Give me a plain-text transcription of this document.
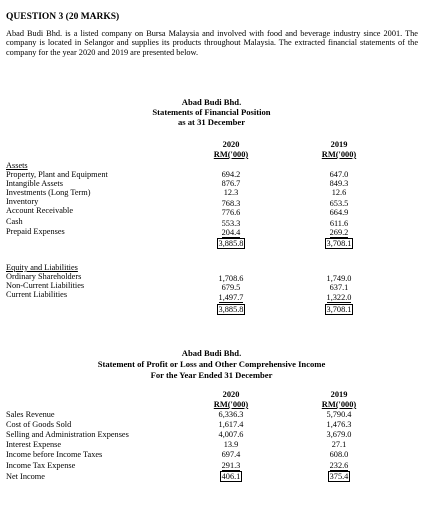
QUESTION 3 (20 MARKS)
Abad Budi Bhd. is a listed company on Bursa Malaysia and involved with food and beverage industry since 2001. The company is located in Selangor and supplies its products throughout Malaysia. The extracted financial statements of the company for the year 2020 and 2019 are presented below.
Abad Budi Bhd.
Statements of Financial Position
as at 31 December
2020
RM('000)
2019
RM('000)
Assets
Property, Plant and Equipment	694.2	647.0
Intangible Assets	876.7	849.3
Investments (Long Term)	12.3	12.6
Inventory	768.3	653.5
Account Receivable	776.6	664.9
Cash	553.3	611.6
Prepaid Expenses	204.4	269.2
3,885.8	3,708.1
Equity and Liabilities
Ordinary Shareholders	1,708.6	1,749.0
Non-Current Liabilities	679.5	637.1
Current Liabilities	1,497.7	1,322.0
3,885.8	3,708.1
Abad Budi Bhd.
Statement of Profit or Loss and Other Comprehensive Income
For the Year Ended 31 December
2020
RM('000)
2019
RM('000)
Sales Revenue	6,336.3	5,790.4
Cost of Goods Sold	1,617.4	1,476.3
Selling and Administration Expenses	4,007.6	3,679.0
Interest Expense	13.9	27.1
Income before Income Taxes	697.4	608.0
Income Tax Expense	291.3	232.6
Net Income	406.1	375.4
